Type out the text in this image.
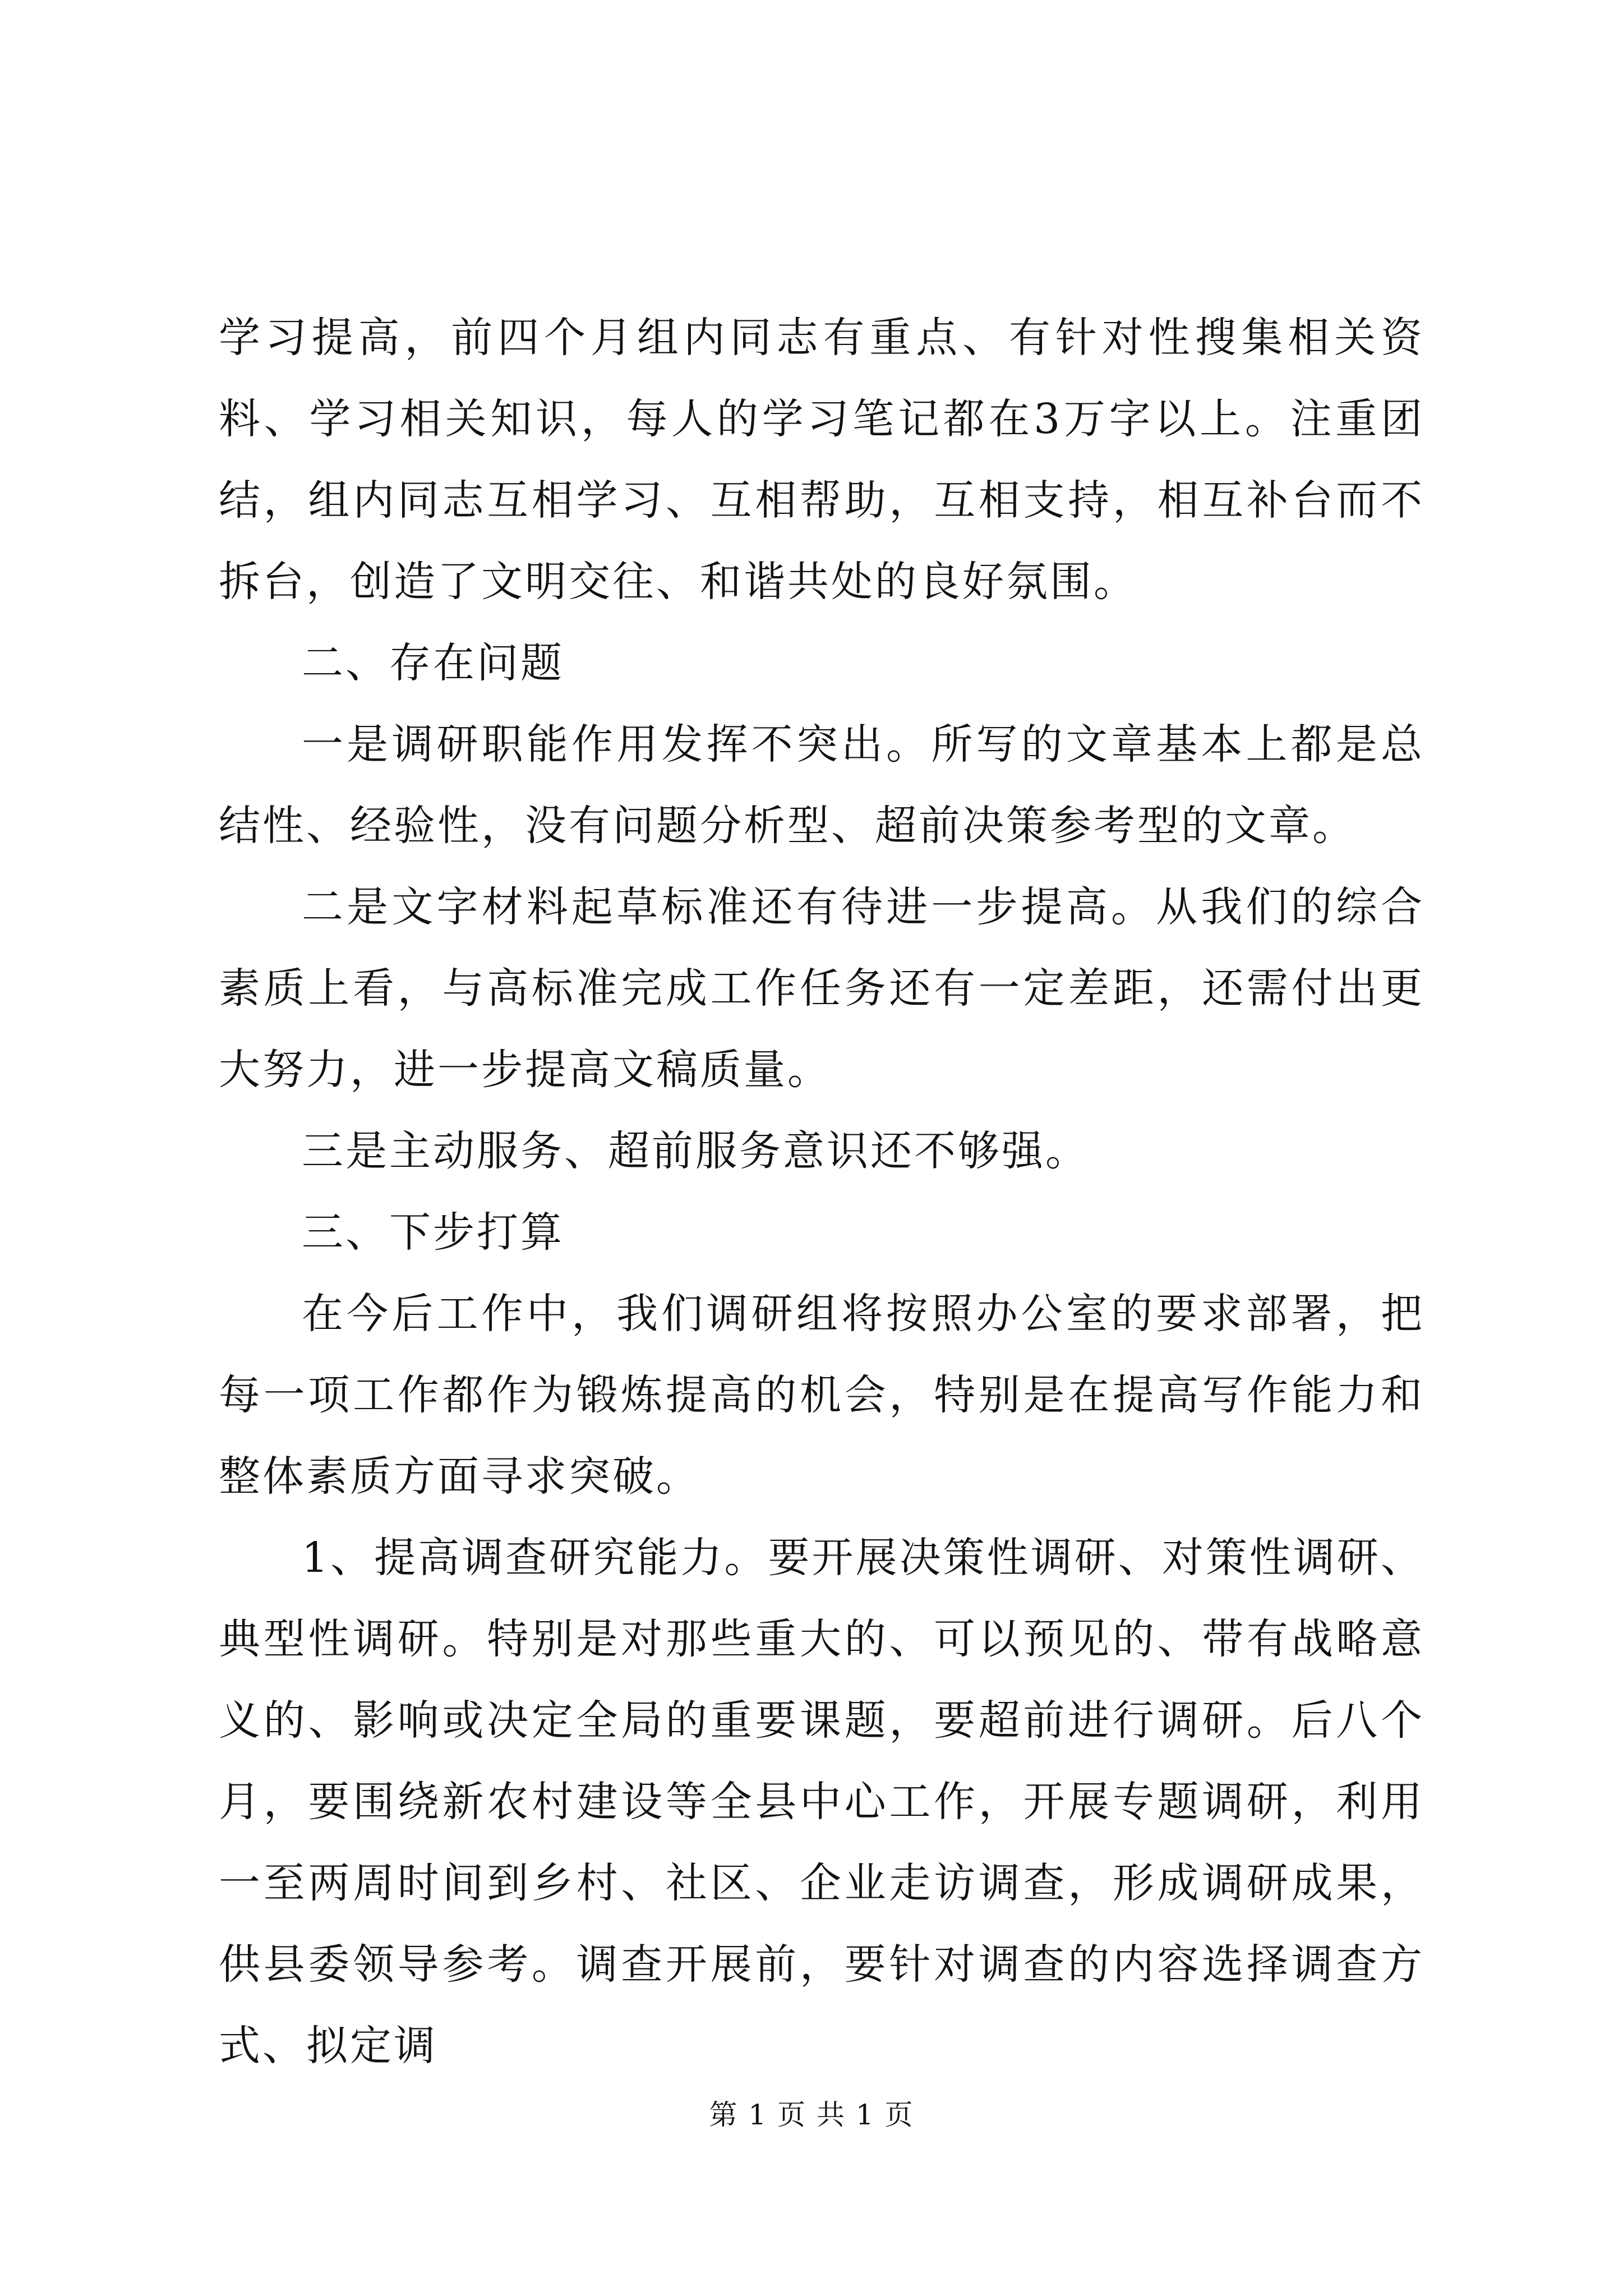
学习提高，前四个月组内同志有重点、有针对性搜集相关资料、学习相关知识，每人的学习笔记都在3万字以上。注重团结，组内同志互相学习、互相帮助，互相支持，相互补台而不拆台，创造了文明交往、和谐共处的良好氛围。

二、存在问题

一是调研职能作用发挥不突出。所写的文章基本上都是总结性、经验性，没有问题分析型、超前决策参考型的文章。

二是文字材料起草标准还有待进一步提高。从我们的综合素质上看，与高标准完成工作任务还有一定差距，还需付出更大努力，进一步提高文稿质量。

三是主动服务、超前服务意识还不够强。

三、下步打算

在今后工作中，我们调研组将按照办公室的要求部署，把每一项工作都作为锻炼提高的机会，特别是在提高写作能力和整体素质方面寻求突破。

1、提高调查研究能力。要开展决策性调研、对策性调研、典型性调研。特别是对那些重大的、可以预见的、带有战略意义的、影响或决定全局的重要课题，要超前进行调研。后八个月，要围绕新农村建设等全县中心工作，开展专题调研，利用一至两周时间到乡村、社区、企业走访调查，形成调研成果，供县委领导参考。调查开展前，要针对调查的内容选择调查方式、拟定调

第 1 页 共 1 页
